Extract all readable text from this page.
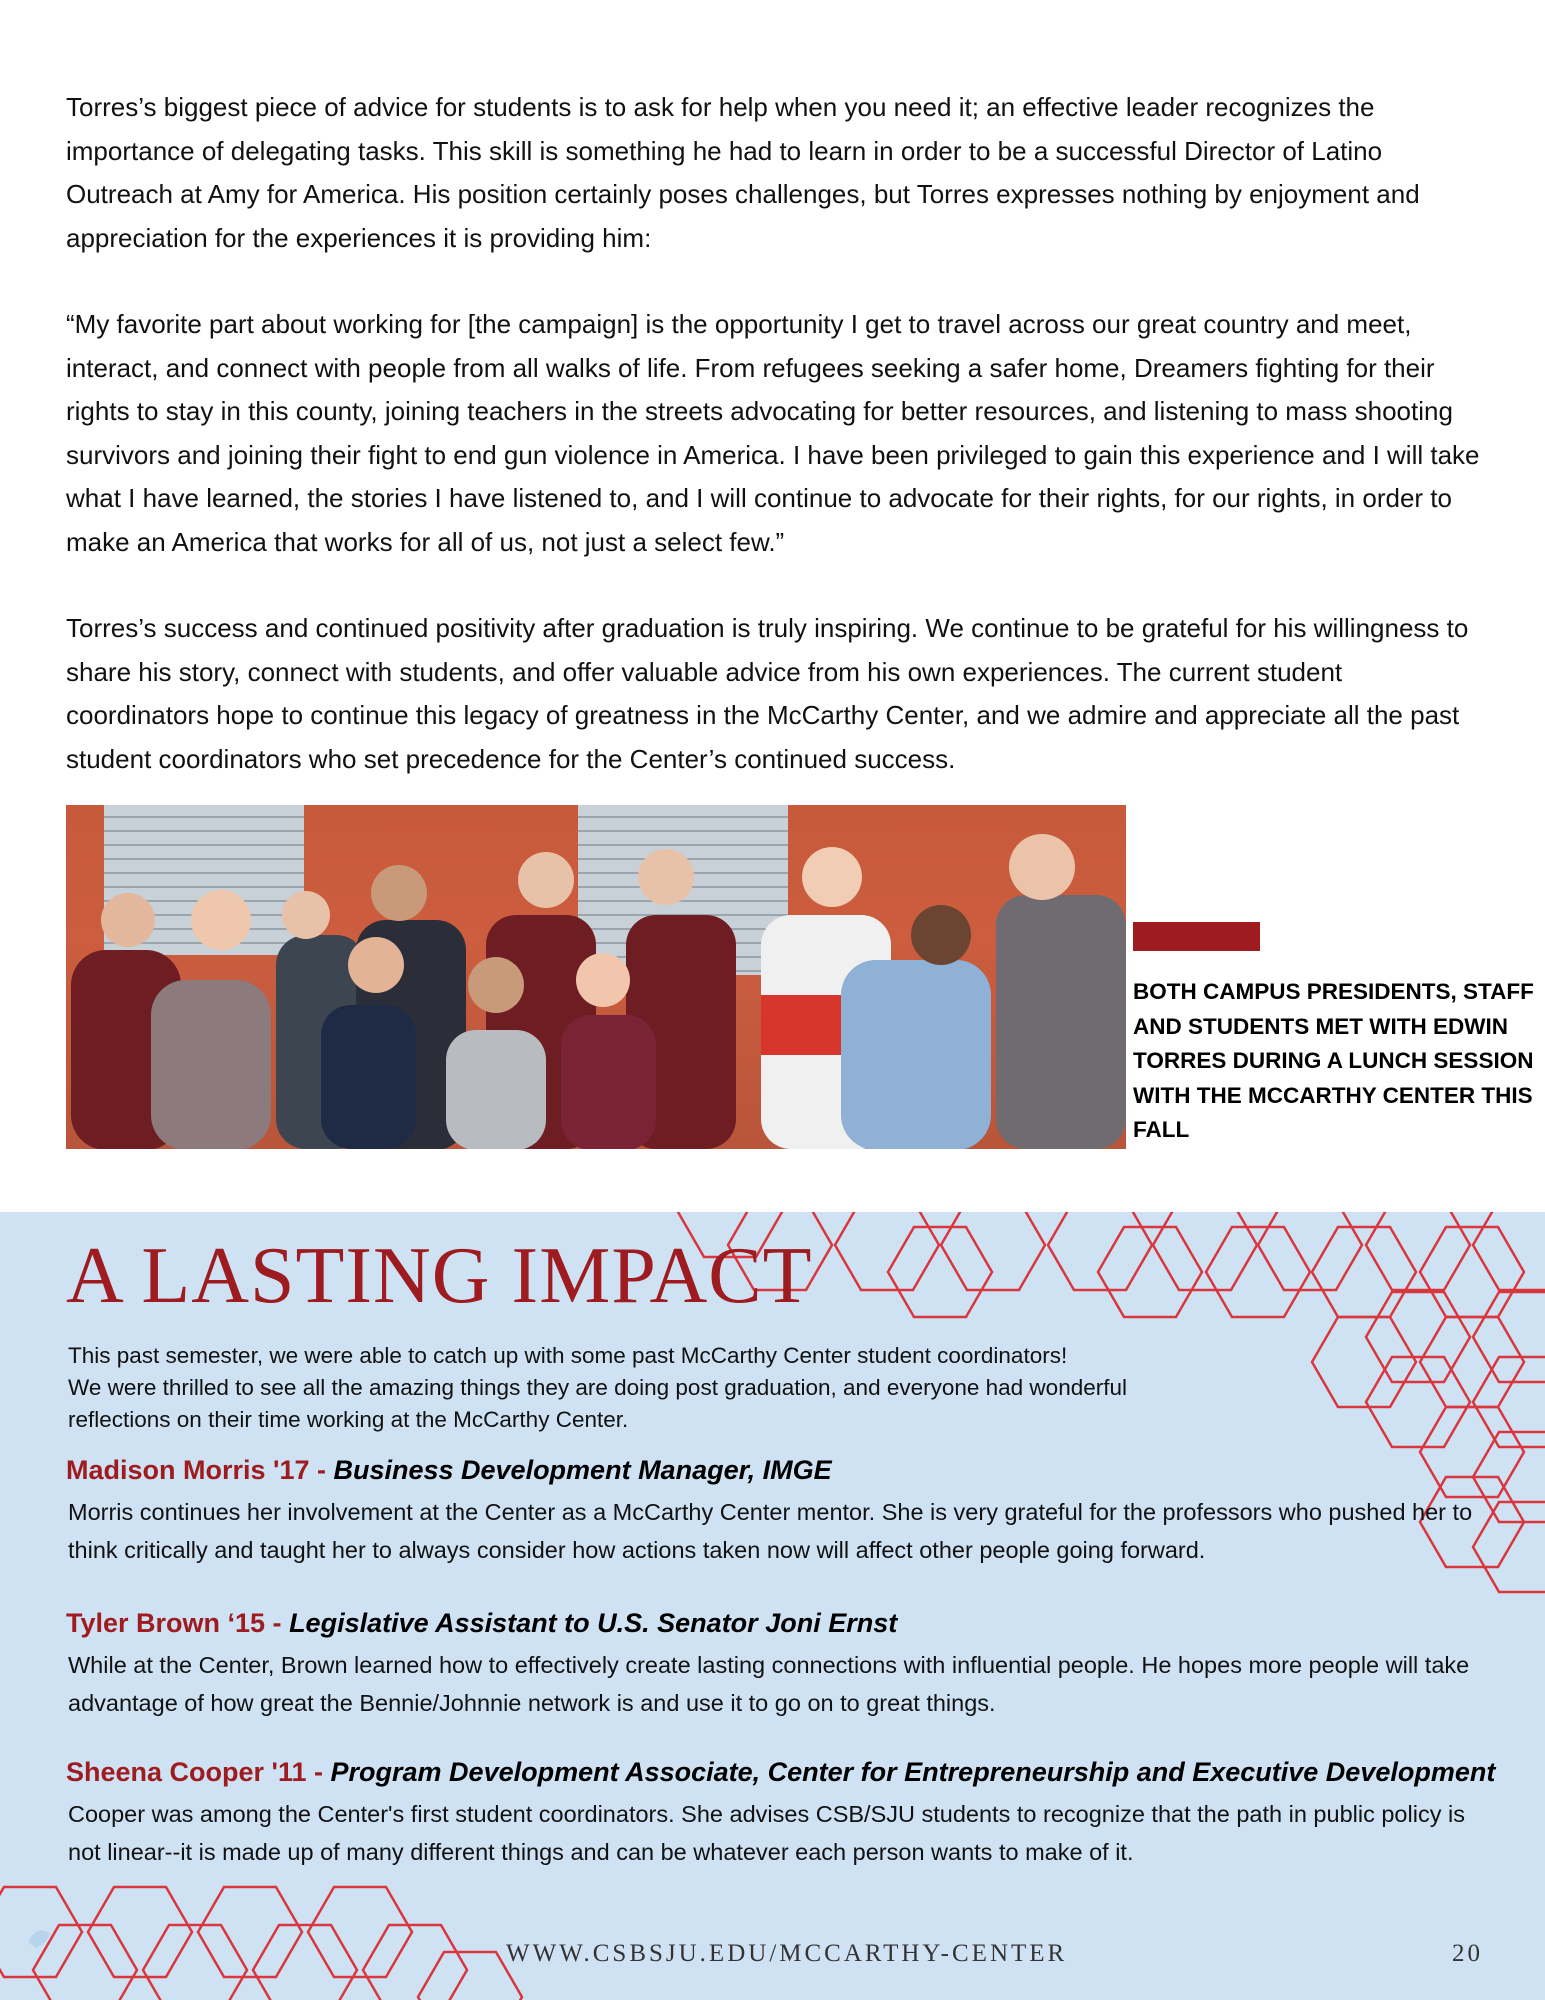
Torres’s biggest piece of advice for students is to ask for help when you need it; an effective leader recognizes the importance of delegating tasks. This skill is something he had to learn in order to be a successful Director of Latino Outreach at Amy for America. His position certainly poses challenges, but Torres expresses nothing by enjoyment and appreciation for the experiences it is providing him:

“My favorite part about working for [the campaign] is the opportunity I get to travel across our great country and meet, interact, and connect with people from all walks of life. From refugees seeking a safer home, Dreamers fighting for their rights to stay in this county, joining teachers in the streets advocating for better resources, and listening to mass shooting survivors and joining their fight to end gun violence in America. I have been privileged to gain this experience and I will take what I have learned, the stories I have listened to, and I will continue to advocate for their rights, for our rights, in order to make an America that works for all of us, not just a select few.”

Torres’s success and continued positivity after graduation is truly inspiring. We continue to be grateful for his willingness to share his story, connect with students, and offer valuable advice from his own experiences. The current student coordinators hope to continue this legacy of greatness in the McCarthy Center, and we admire and appreciate all the past student coordinators who set precedence for the Center’s continued success.

BOTH CAMPUS PRESIDENTS, STAFF AND STUDENTS MET WITH EDWIN TORRES DURING A LUNCH SESSION WITH THE MCCARTHY CENTER THIS FALL
A LASTING IMPACT
This past semester, we were able to catch up with some past McCarthy Center student coordinators!
We were thrilled to see all the amazing things they are doing post graduation, and everyone had wonderful
reflections on their time working at the McCarthy Center.
Madison Morris '17 - Business Development Manager, IMGE
Morris continues her involvement at the Center as a McCarthy Center mentor. She is very grateful for the professors who pushed her to think critically and taught her to always consider how actions taken now will affect other people going forward.
Tyler Brown ‘15 - Legislative Assistant to U.S. Senator Joni Ernst
While at the Center, Brown learned how to effectively create lasting connections with influential people. He hopes more people will take advantage of how great the Bennie/Johnnie network is and use it to go on to great things.
Sheena Cooper '11 - Program Development Associate, Center for Entrepreneurship and Executive Development
Cooper was among the Center's first student coordinators. She advises CSB/SJU students to recognize that the path in public policy is not linear--it is made up of many different things and can be whatever each person wants to make of it.
WWW.CSBSJU.EDU/MCCARTHY-CENTER	20
